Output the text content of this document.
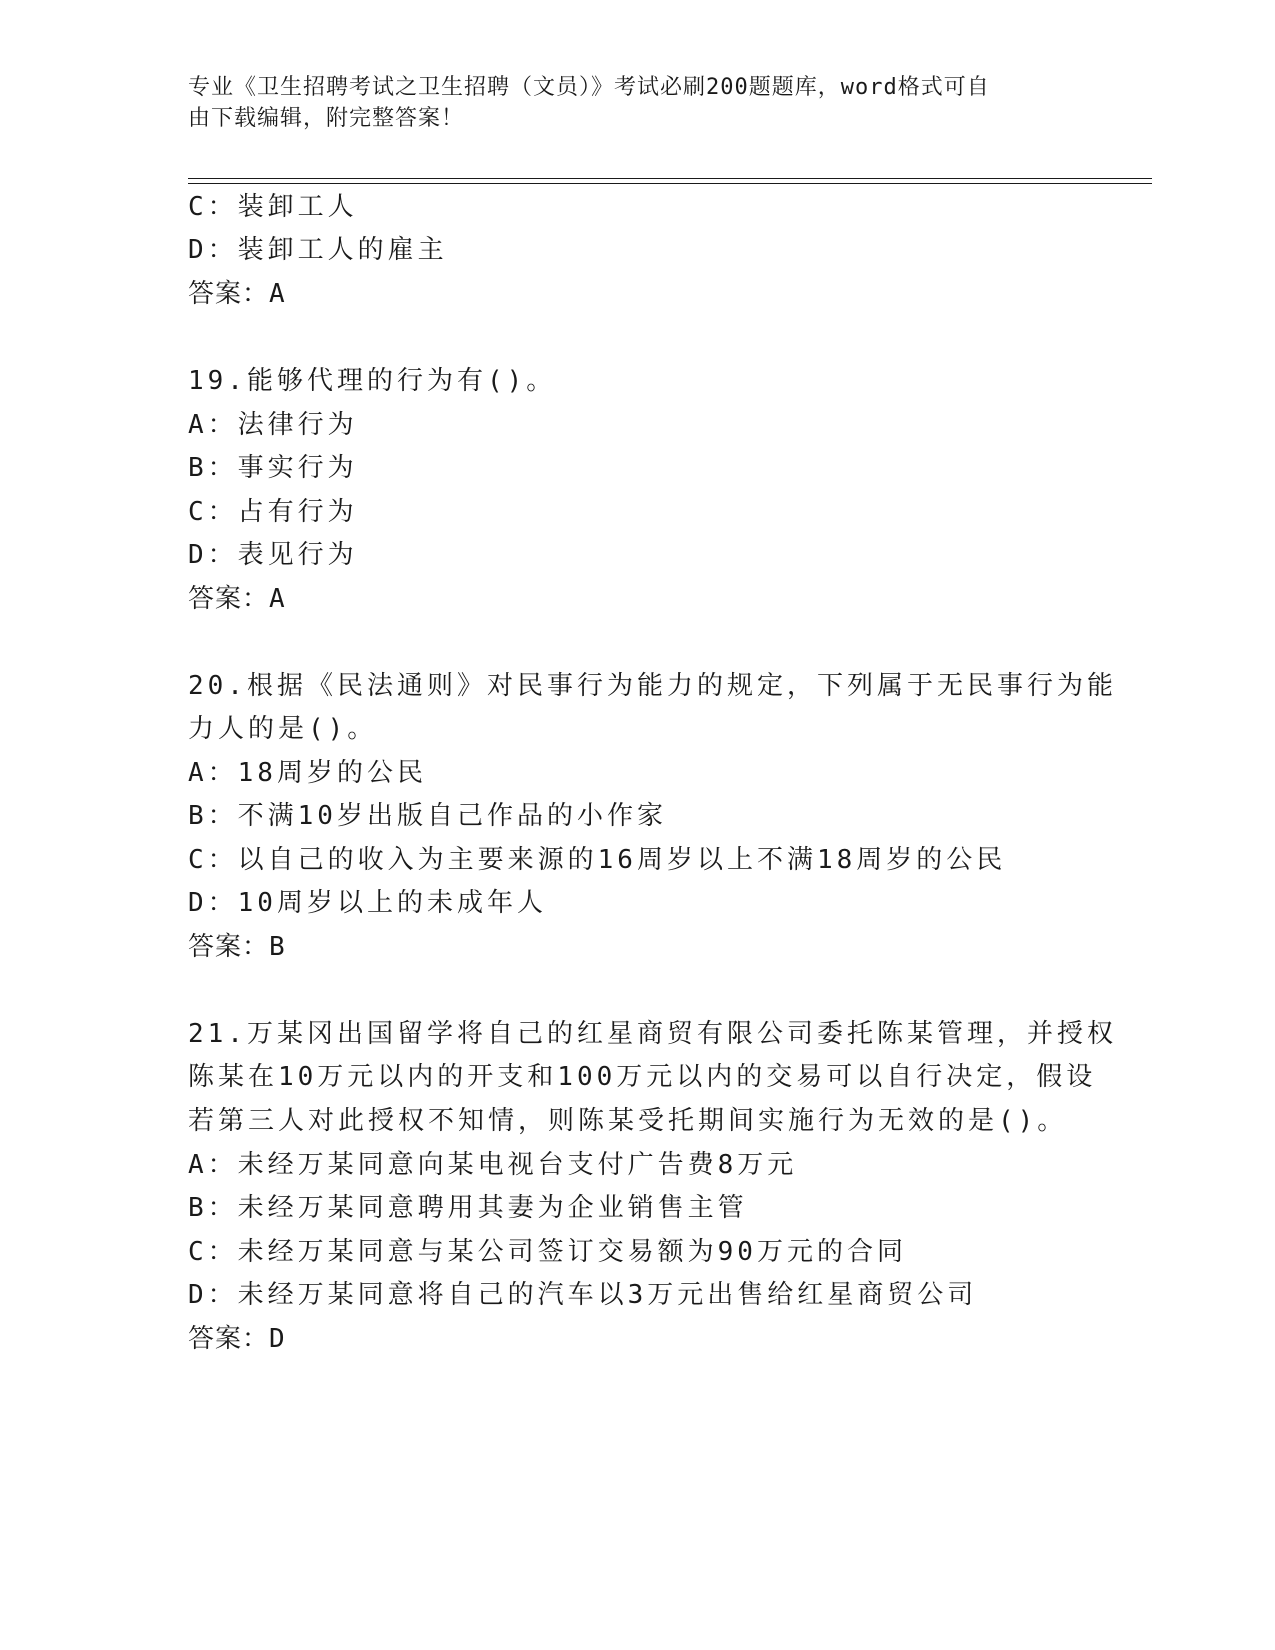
专业《卫生招聘考试之卫生招聘（文员）》考试必刷200题题库，word格式可自
由下载编辑，附完整答案！
C：装卸工人
D：装卸工人的雇主
答案：A
19.能够代理的行为有()。
A：法律行为
B：事实行为
C：占有行为
D：表见行为
答案：A
20.根据《民法通则》对民事行为能力的规定，下列属于无民事行为能
力人的是()。
A：18周岁的公民
B：不满10岁出版自己作品的小作家
C：以自己的收入为主要来源的16周岁以上不满18周岁的公民
D：10周岁以上的未成年人
答案：B
21.万某冈出国留学将自己的红星商贸有限公司委托陈某管理，并授权
陈某在10万元以内的开支和100万元以内的交易可以自行决定，假设
若第三人对此授权不知情，则陈某受托期间实施行为无效的是()。
A：未经万某同意向某电视台支付广告费8万元
B：未经万某同意聘用其妻为企业销售主管
C：未经万某同意与某公司签订交易额为90万元的合同
D：未经万某同意将自己的汽车以3万元出售给红星商贸公司
答案：D
